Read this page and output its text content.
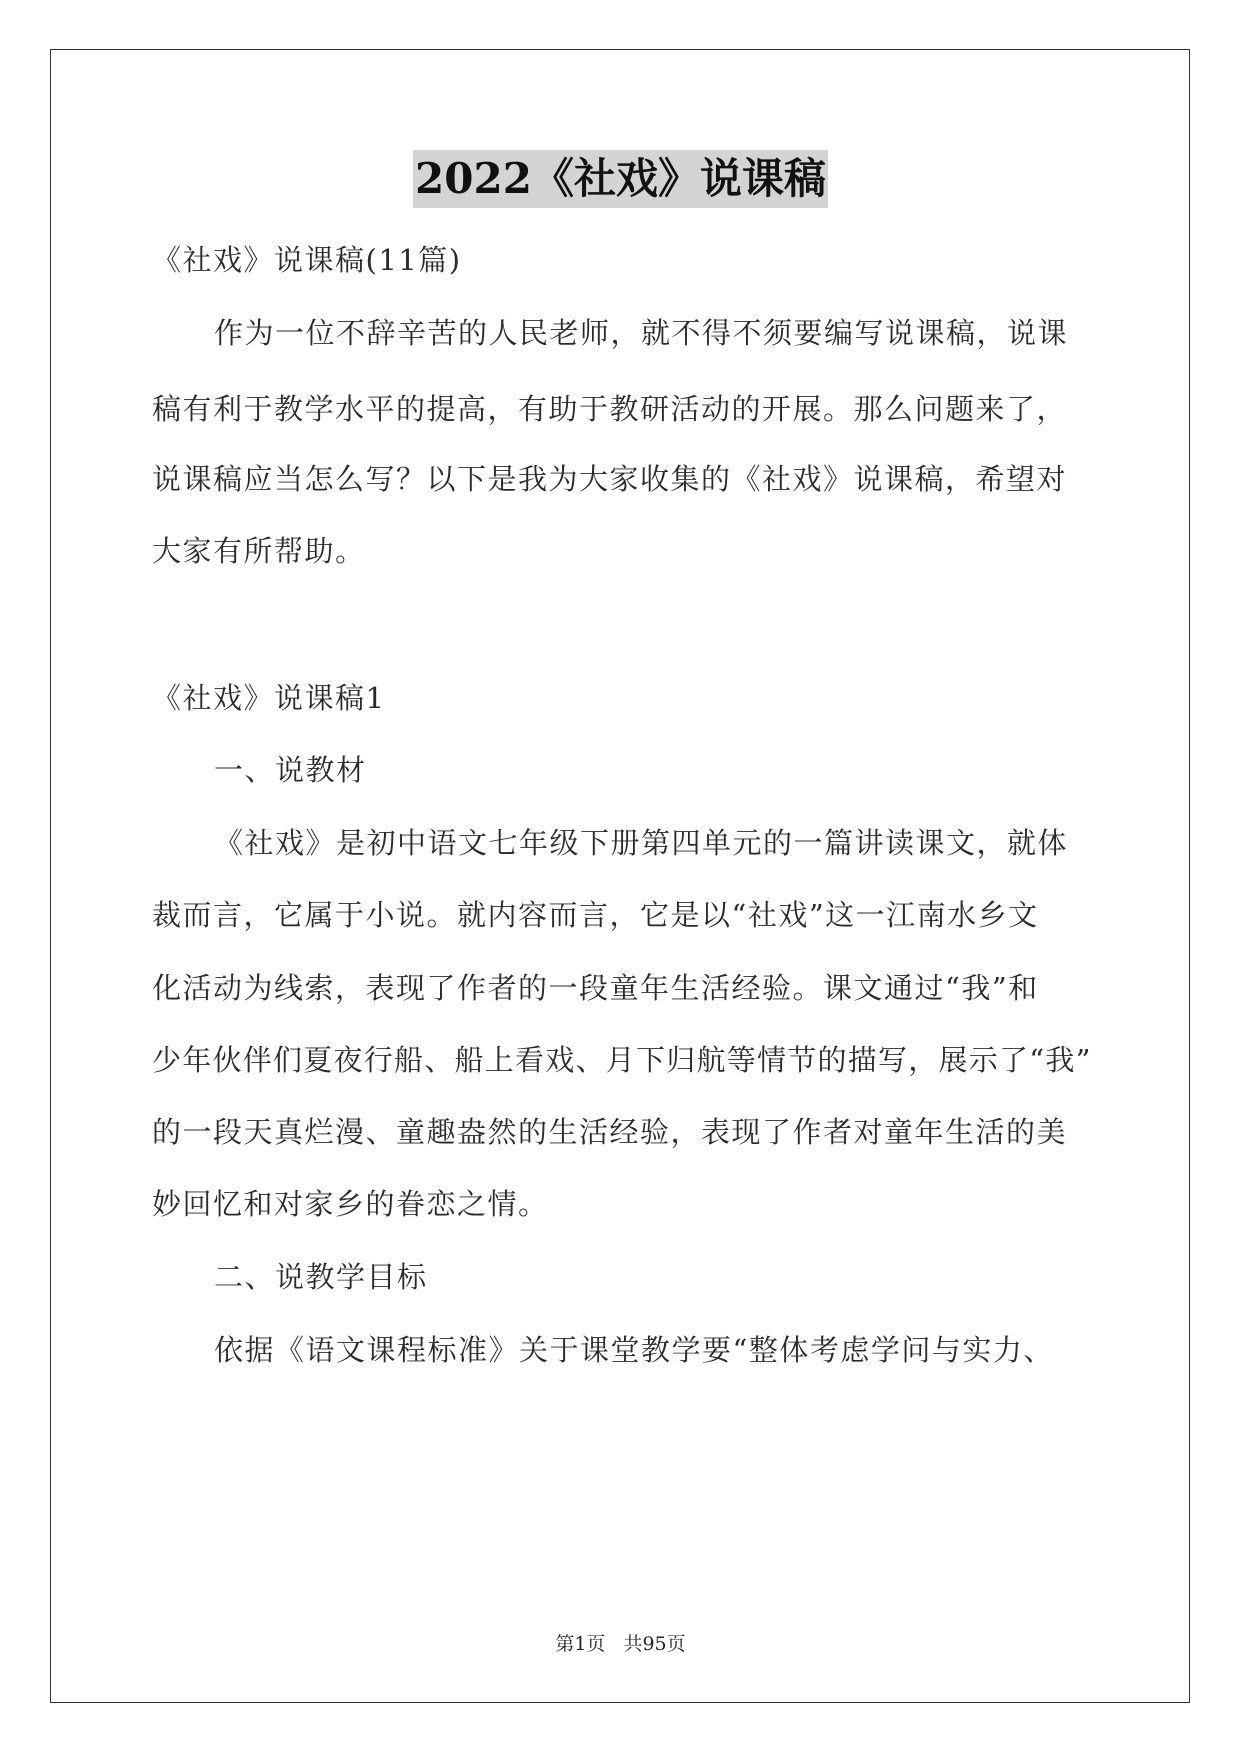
2022《社戏》说课稿
《社戏》说课稿(11篇)
作为一位不辞辛苦的人民老师，就不得不须要编写说课稿，说课
稿有利于教学水平的提高，有助于教研活动的开展。那么问题来了，
说课稿应当怎么写？以下是我为大家收集的《社戏》说课稿，希望对
大家有所帮助。
《社戏》说课稿1
一、说教材
《社戏》是初中语文七年级下册第四单元的一篇讲读课文，就体
裁而言，它属于小说。就内容而言，它是以“社戏”这一江南水乡文
化活动为线索，表现了作者的一段童年生活经验。课文通过“我”和
少年伙伴们夏夜行船、船上看戏、月下归航等情节的描写，展示了“我”
的一段天真烂漫、童趣盎然的生活经验，表现了作者对童年生活的美
妙回忆和对家乡的眷恋之情。
二、说教学目标
依据《语文课程标准》关于课堂教学要“整体考虑学问与实力、
第1页 共95页
